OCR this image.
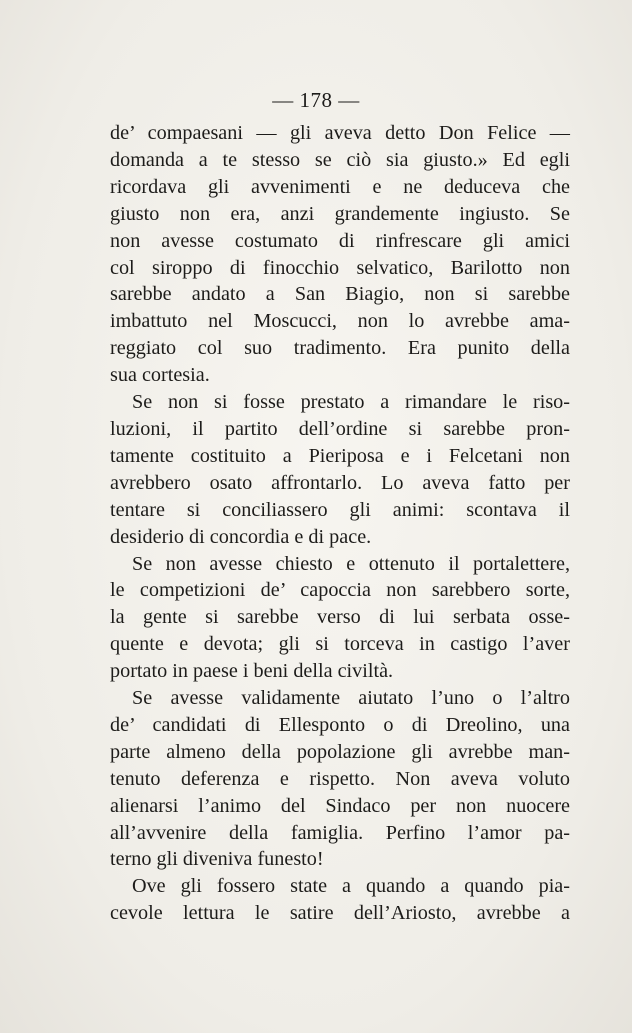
— 178 —
de’ compaesani — gli aveva detto Don Felice —
domanda a te stesso se ciò sia giusto.» Ed egli
ricordava gli avvenimenti e ne deduceva che
giusto non era, anzi grandemente ingiusto. Se
non avesse costumato di rinfrescare gli amici
col siroppo di finocchio selvatico, Barilotto non
sarebbe andato a San Biagio, non si sarebbe
imbattuto nel Moscucci, non lo avrebbe ama-
reggiato col suo tradimento. Era punito della
sua cortesia.
Se non si fosse prestato a rimandare le riso-
luzioni, il partito dell’ordine si sarebbe pron-
tamente costituito a Pieriposa e i Felcetani non
avrebbero osato affrontarlo. Lo aveva fatto per
tentare si conciliassero gli animi: scontava il
desiderio di concordia e di pace.
Se non avesse chiesto e ottenuto il portalettere,
le competizioni de’ capoccia non sarebbero sorte,
la gente si sarebbe verso di lui serbata osse-
quente e devota; gli si torceva in castigo l’aver
portato in paese i beni della civiltà.
Se avesse validamente aiutato l’uno o l’altro
de’ candidati di Ellesponto o di Dreolino, una
parte almeno della popolazione gli avrebbe man-
tenuto deferenza e rispetto. Non aveva voluto
alienarsi l’animo del Sindaco per non nuocere
all’avvenire della famiglia. Perfino l’amor pa-
terno gli diveniva funesto!
Ove gli fossero state a quando a quando pia-
cevole lettura le satire dell’Ariosto, avrebbe a
